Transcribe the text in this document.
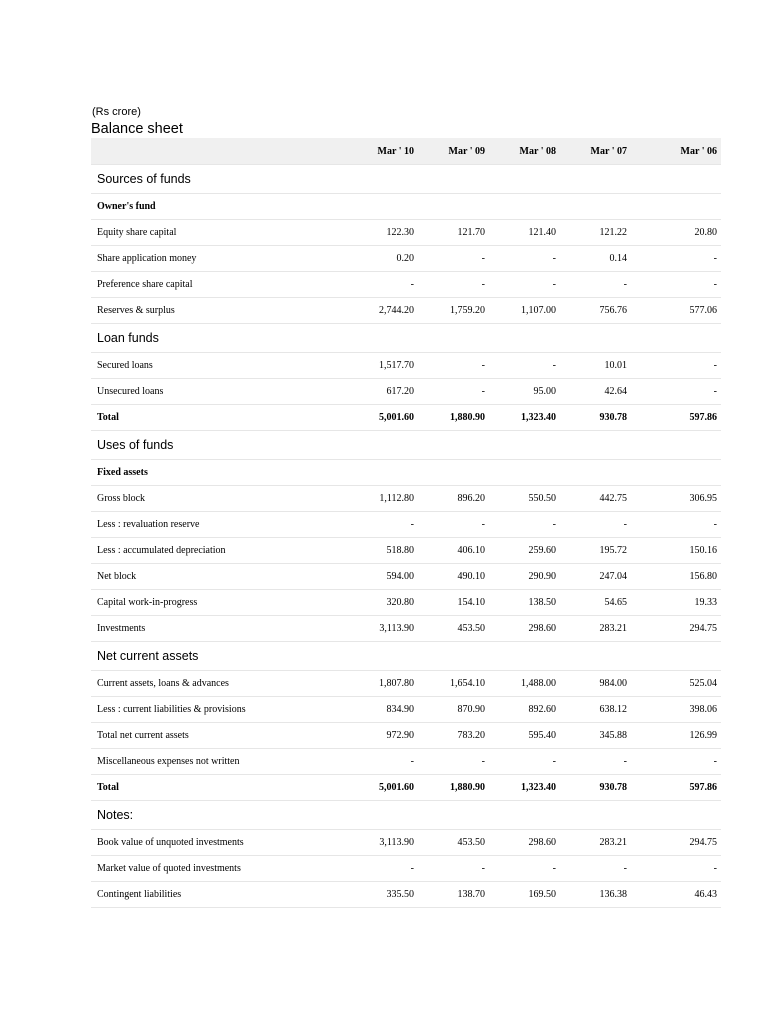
(Rs crore)
Balance sheet
	Mar ' 10	Mar ' 09	Mar ' 08	Mar ' 07	Mar ' 06
Sources of funds					
Owner's fund					
Equity share capital	122.30	121.70	121.40	121.22	20.80
Share application money	0.20	-	-	0.14	-
Preference share capital	-	-	-	-	-
Reserves & surplus	2,744.20	1,759.20	1,107.00	756.76	577.06
Loan funds					
Secured loans	1,517.70	-	-	10.01	-
Unsecured loans	617.20	-	95.00	42.64	-
Total	5,001.60	1,880.90	1,323.40	930.78	597.86
Uses of funds					
Fixed assets					
Gross block	1,112.80	896.20	550.50	442.75	306.95
Less : revaluation reserve	-	-	-	-	-
Less : accumulated depreciation	518.80	406.10	259.60	195.72	150.16
Net block	594.00	490.10	290.90	247.04	156.80
Capital work-in-progress	320.80	154.10	138.50	54.65	19.33
Investments	3,113.90	453.50	298.60	283.21	294.75
Net current assets					
Current assets, loans & advances	1,807.80	1,654.10	1,488.00	984.00	525.04
Less : current liabilities & provisions	834.90	870.90	892.60	638.12	398.06
Total net current assets	972.90	783.20	595.40	345.88	126.99
Miscellaneous expenses not written	-	-	-	-	-
Total	5,001.60	1,880.90	1,323.40	930.78	597.86
Notes:					
Book value of unquoted investments	3,113.90	453.50	298.60	283.21	294.75
Market value of quoted investments	-	-	-	-	-
Contingent liabilities	335.50	138.70	169.50	136.38	46.43
